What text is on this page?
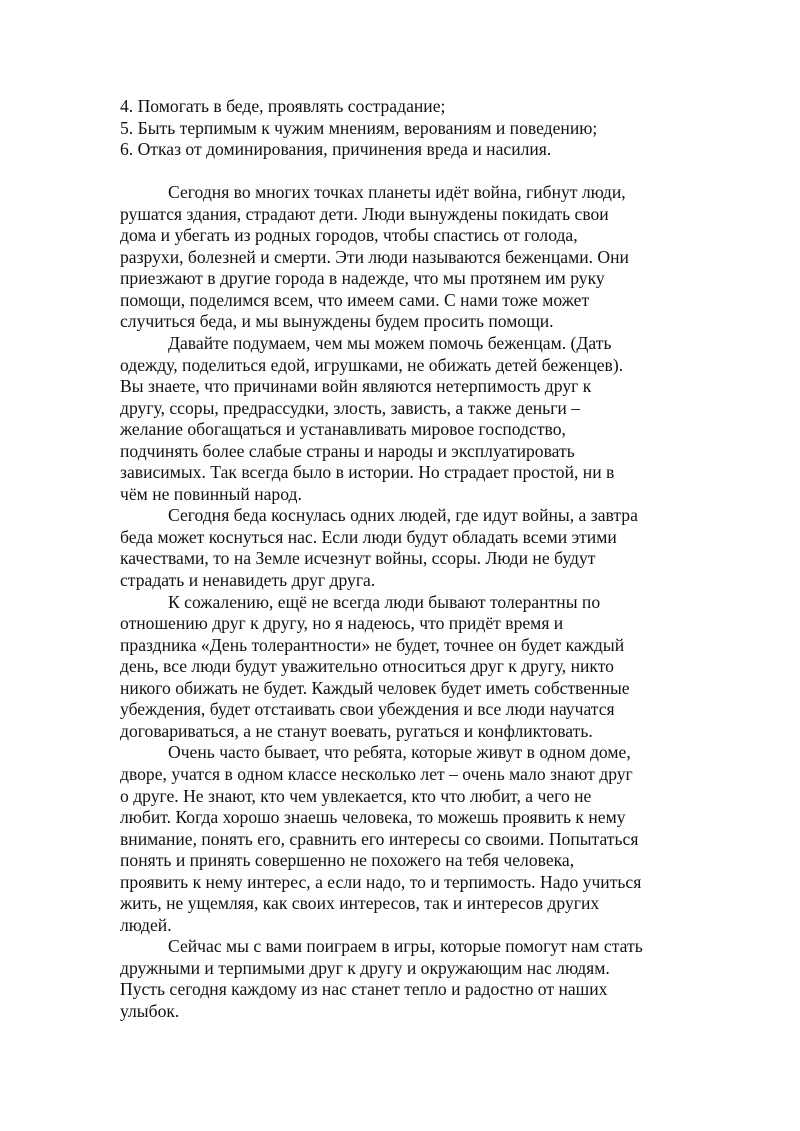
4. Помогать в беде, проявлять сострадание;

5. Быть терпимым к чужим мнениям, верованиям и поведению;

6. Отказ от доминирования, причинения вреда и насилия.

Сегодня во многих точках планеты идёт война, гибнут люди,
рушатся здания, страдают дети. Люди вынуждены покидать свои
дома и убегать из родных городов, чтобы спастись от голода,
разрухи, болезней и смерти. Эти люди называются беженцами. Они
приезжают в другие города в надежде, что мы протянем им руку
помощи, поделимся всем, что имеем сами. С нами тоже может
случиться беда, и мы вынуждены будем просить помощи.
Давайте подумаем, чем мы можем помочь беженцам. (Дать
одежду, поделиться едой, игрушками, не обижать детей беженцев).
Вы знаете, что причинами войн являются нетерпимость друг к
другу, ссоры, предрассудки, злость, зависть, а также деньги –
желание обогащаться и устанавливать мировое господство,
подчинять более слабые страны и народы и эксплуатировать
зависимых. Так всегда было в истории. Но страдает простой, ни в
чём не повинный народ.
Сегодня беда коснулась одних людей, где идут войны, а завтра
беда может коснуться нас. Если люди будут обладать всеми этими
качествами, то на Земле исчезнут войны, ссоры. Люди не будут
страдать и ненавидеть друг друга.
К сожалению, ещё не всегда люди бывают толерантны по
отношению друг к другу, но я надеюсь, что придёт время и
праздника «День толерантности» не будет, точнее он будет каждый
день, все люди будут уважительно относиться друг к другу, никто
никого обижать не будет. Каждый человек будет иметь собственные
убеждения, будет отстаивать свои убеждения и все люди научатся
договариваться, а не станут воевать, ругаться и конфликтовать.
Очень часто бывает, что ребята, которые живут в одном доме,
дворе, учатся в одном классе несколько лет – очень мало знают друг
о друге. Не знают, кто чем увлекается, кто что любит, а чего не
любит. Когда хорошо знаешь человека, то можешь проявить к нему
внимание, понять его, сравнить его интересы со своими. Попытаться
понять и принять совершенно не похожего на тебя человека,
проявить к нему интерес, а если надо, то и терпимость. Надо учиться
жить, не ущемляя, как своих интересов, так и интересов других
людей.
Сейчас мы с вами поиграем в игры, которые помогут нам стать
дружными и терпимыми друг к другу и окружающим нас людям.
Пусть сегодня каждому из нас станет тепло и радостно от наших
улыбок.
